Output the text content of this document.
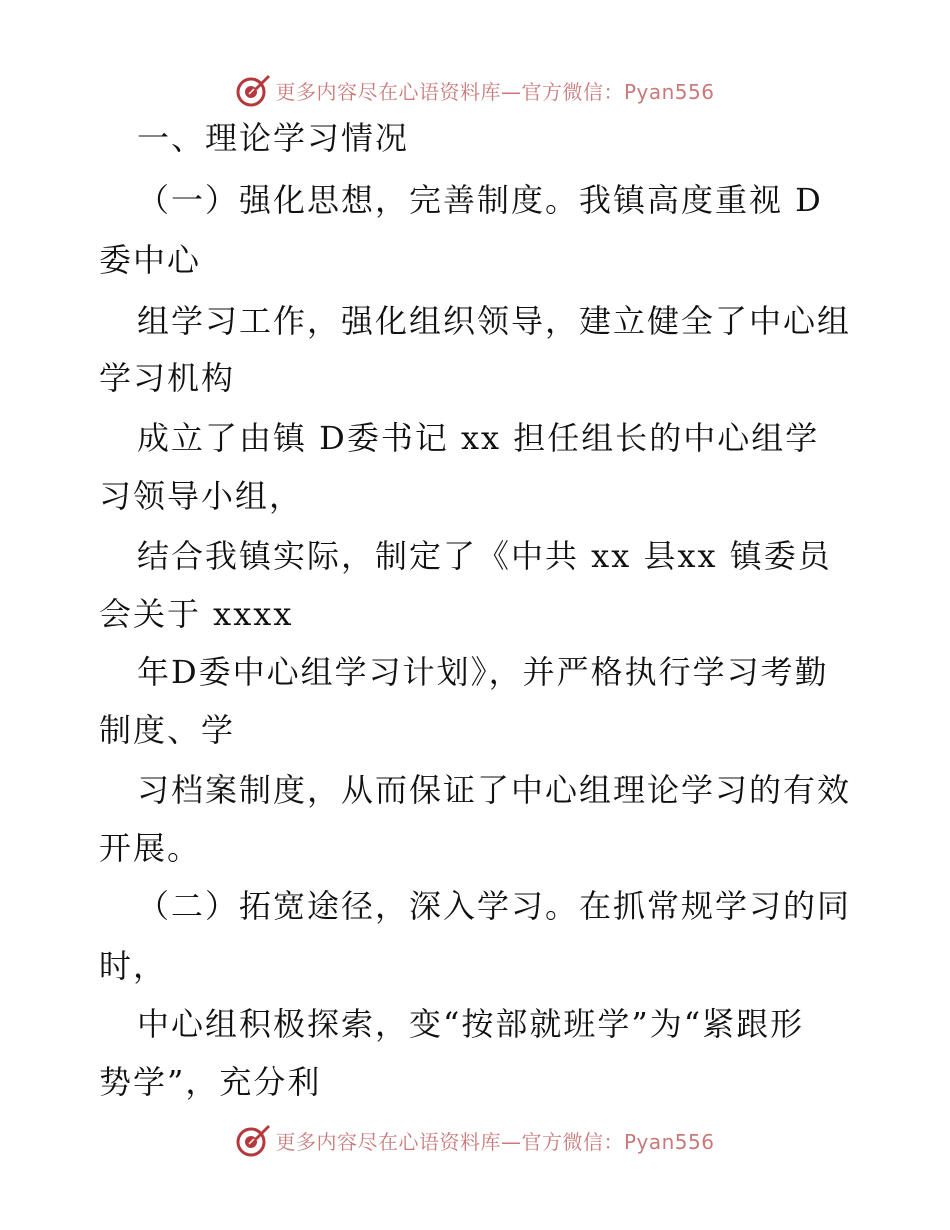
更多内容尽在心语资料库—官方微信：Pyan556
一、理论学习情况
（一）强化思想，完善制度。我镇高度重视 D
委中心
组学习工作，强化组织领导，建立健全了中心组
学习机构
成立了由镇 D委书记 xx 担任组长的中心组学
习领导小组，
结合我镇实际，制定了《中共 xx 县xx 镇委员
会关于 xxxx
年D委中心组学习计划》，并严格执行学习考勤
制度、学
习档案制度，从而保证了中心组理论学习的有效
开展。
（二）拓宽途径，深入学习。在抓常规学习的同
时，
中心组积极探索，变“按部就班学”为“紧跟形
势学”，充分利
更多内容尽在心语资料库—官方微信：Pyan556
